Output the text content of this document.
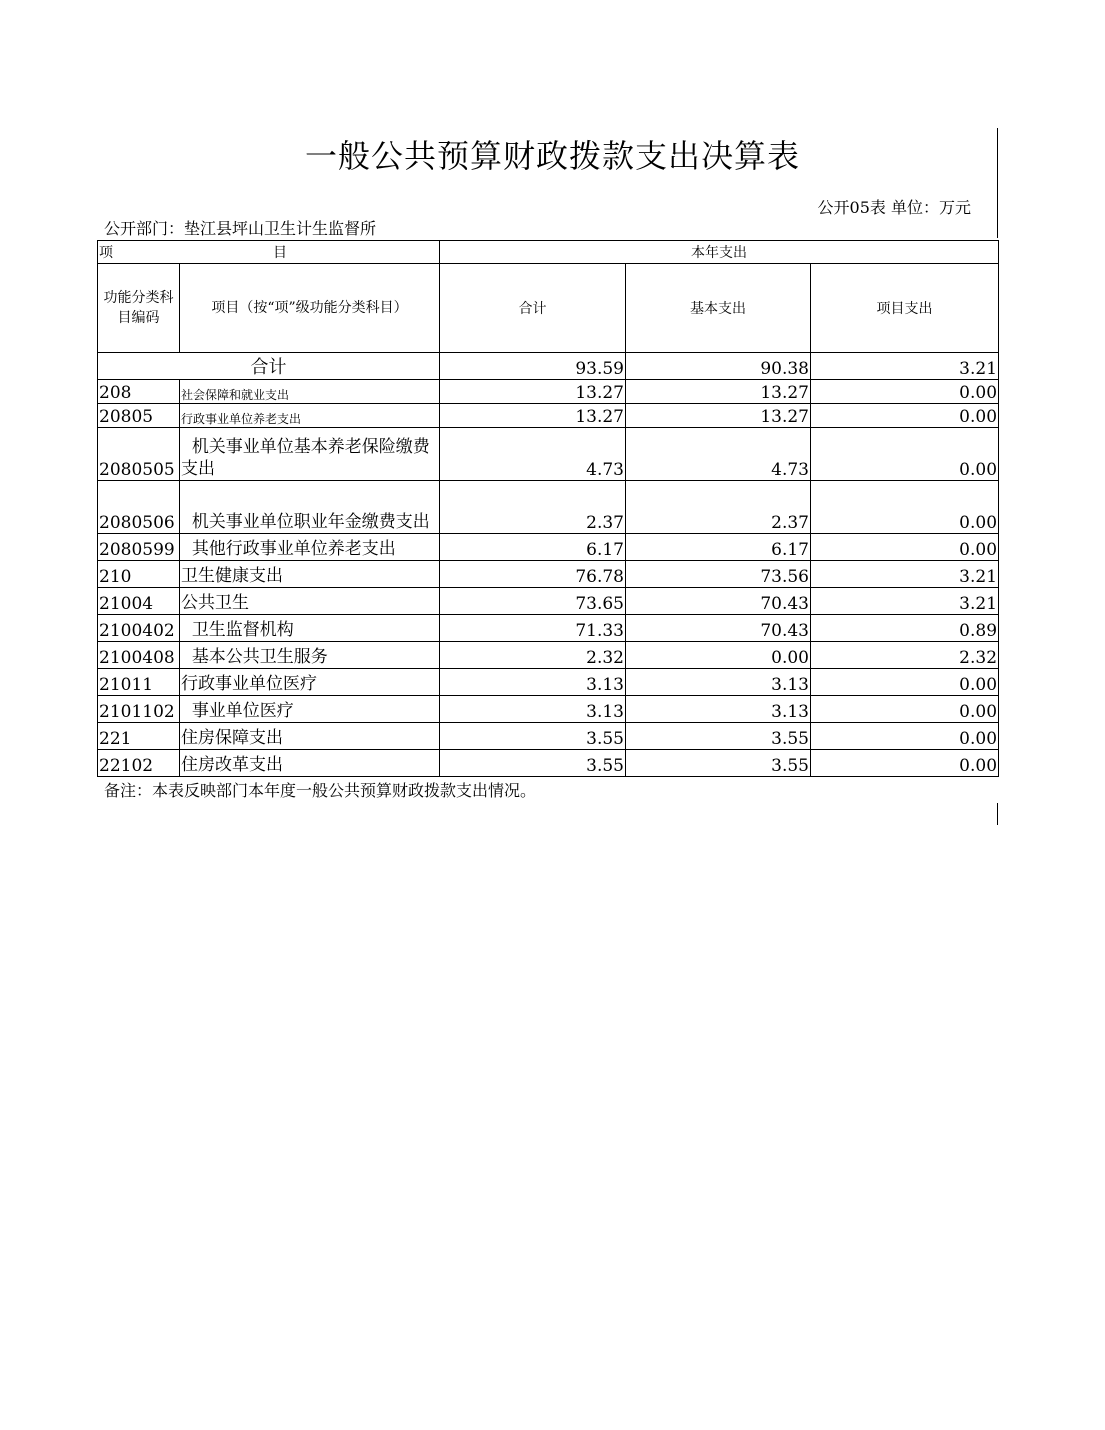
一般公共预算财政拨款支出决算表
公开05表 单位：万元
公开部门：垫江县坪山卫生计生监督所
项 目		本年支出		
功能分类科目编码	项目（按“项”级功能分类科目）	合计	基本支出	项目支出
合计		93.59	90.38	3.21
208	社会保障和就业支出	13.27	13.27	0.00
20805	行政事业单位养老支出	13.27	13.27	0.00
2080505	机关事业单位基本养老保险缴费支出	4.73	4.73	0.00
2080506	机关事业单位职业年金缴费支出	2.37	2.37	0.00
2080599	其他行政事业单位养老支出	6.17	6.17	0.00
210	卫生健康支出	76.78	73.56	3.21
21004	公共卫生	73.65	70.43	3.21
2100402	卫生监督机构	71.33	70.43	0.89
2100408	基本公共卫生服务	2.32	0.00	2.32
21011	行政事业单位医疗	3.13	3.13	0.00
2101102	事业单位医疗	3.13	3.13	0.00
221	住房保障支出	3.55	3.55	0.00
22102	住房改革支出	3.55	3.55	0.00
备注：本表反映部门本年度一般公共预算财政拨款支出情况。
